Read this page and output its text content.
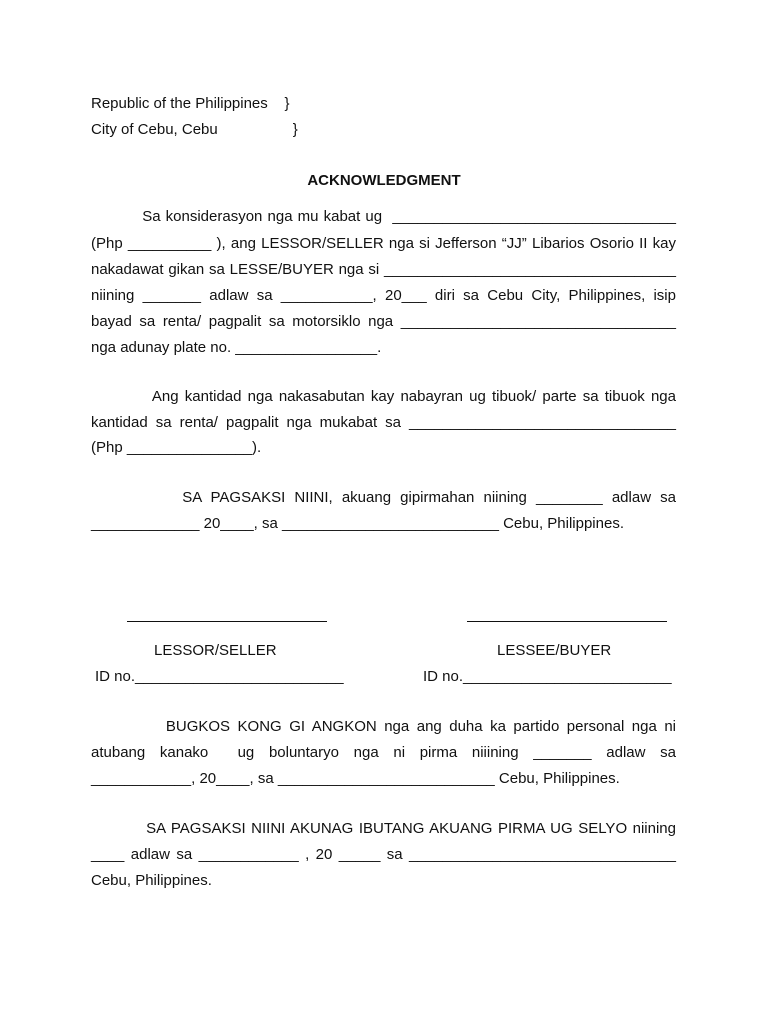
Republic of the Philippines    }
City of Cebu, Cebu                  }
ACKNOWLEDGMENT
Sa konsiderasyon nga mu kabat ug  __________________________________
(Php __________ ), ang LESSOR/SELLER nga si Jefferson “JJ” Libarios Osorio II kay
nakadawat gikan sa LESSE/BUYER nga si ___________________________________
niining _______ adlaw sa ___________, 20___ diri sa Cebu City, Philippines, isip
bayad sa renta/ pagpalit sa motorsiklo nga _________________________________
nga adunay plate no. _________________.
Ang kantidad nga nakasabutan kay nabayran ug tibuok/ parte sa tibuok nga
kantidad sa renta/ pagpalit nga mukabat sa ________________________________
(Php _______________).
SA PAGSAKSI NIINI, akuang gipirmahan niining ________ adlaw sa
_____________ 20____, sa __________________________ Cebu, Philippines.
LESSOR/SELLER	LESSEE/BUYER
ID no._________________________	ID no._________________________
BUGKOS KONG GI ANGKON nga ang duha ka partido personal nga ni
atubang kanako  ug boluntaryo nga ni pirma niiining _______ adlaw sa
____________, 20____, sa __________________________ Cebu, Philippines.
SA PAGSAKSI NIINI AKUNAG IBUTANG AKUANG PIRMA UG SELYO niining
____ adlaw sa ____________ , 20 _____ sa ________________________________
Cebu, Philippines.
